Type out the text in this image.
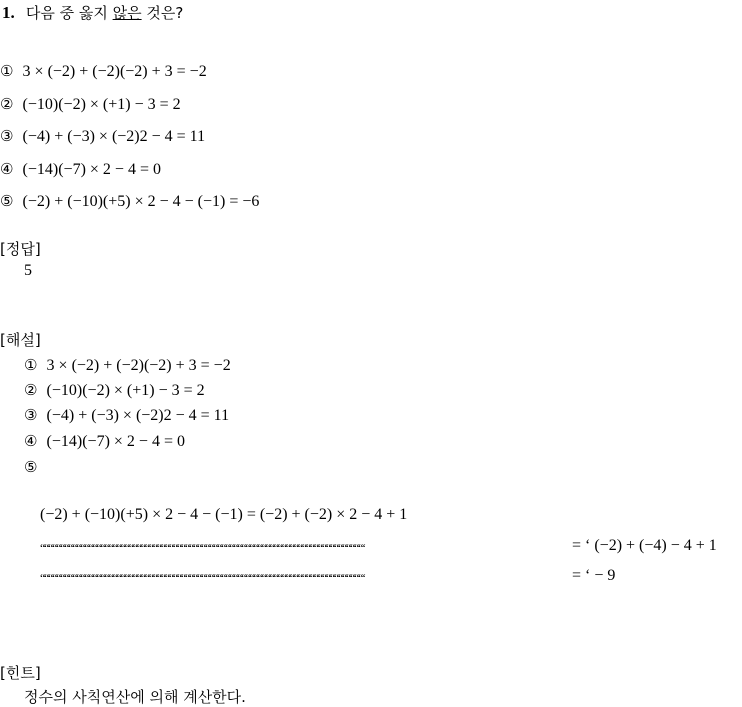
1. 다음 중 옳지 않은 것은?
① 3 × (−2) + (−2)(−2) + 3 = −2
② (−10)(−2) × (+1) − 3 = 2
③ (−4) + (−3) × (−2)2 − 4 = 11
④ (−14)(−7) × 2 − 4 = 0
⑤ (−2) + (−10)(+5) × 2 − 4 − (−1) = −6
[정답]
5
[해설]
① 3 × (−2) + (−2)(−2) + 3 = −2
② (−10)(−2) × (+1) − 3 = 2
③ (−4) + (−3) × (−2)2 − 4 = 11
④ (−14)(−7) × 2 − 4 = 0
⑤
(−2) + (−10)(+5) × 2 − 4 − (−1) = (−2) + (−2) × 2 − 4 + 1
““““““““““““““““““““““““““““““““““““““““““““““““““““““““““““““““““““““““““““““““‘	= ‘ (−2) + (−4) − 4 + 1
““““““““““““““““““““““““““““““““““““““““““““““““““““““““““““““““““““““““““““““““‘	= ‘ − 9
[힌트]
정수의 사칙연산에 의해 계산한다.
